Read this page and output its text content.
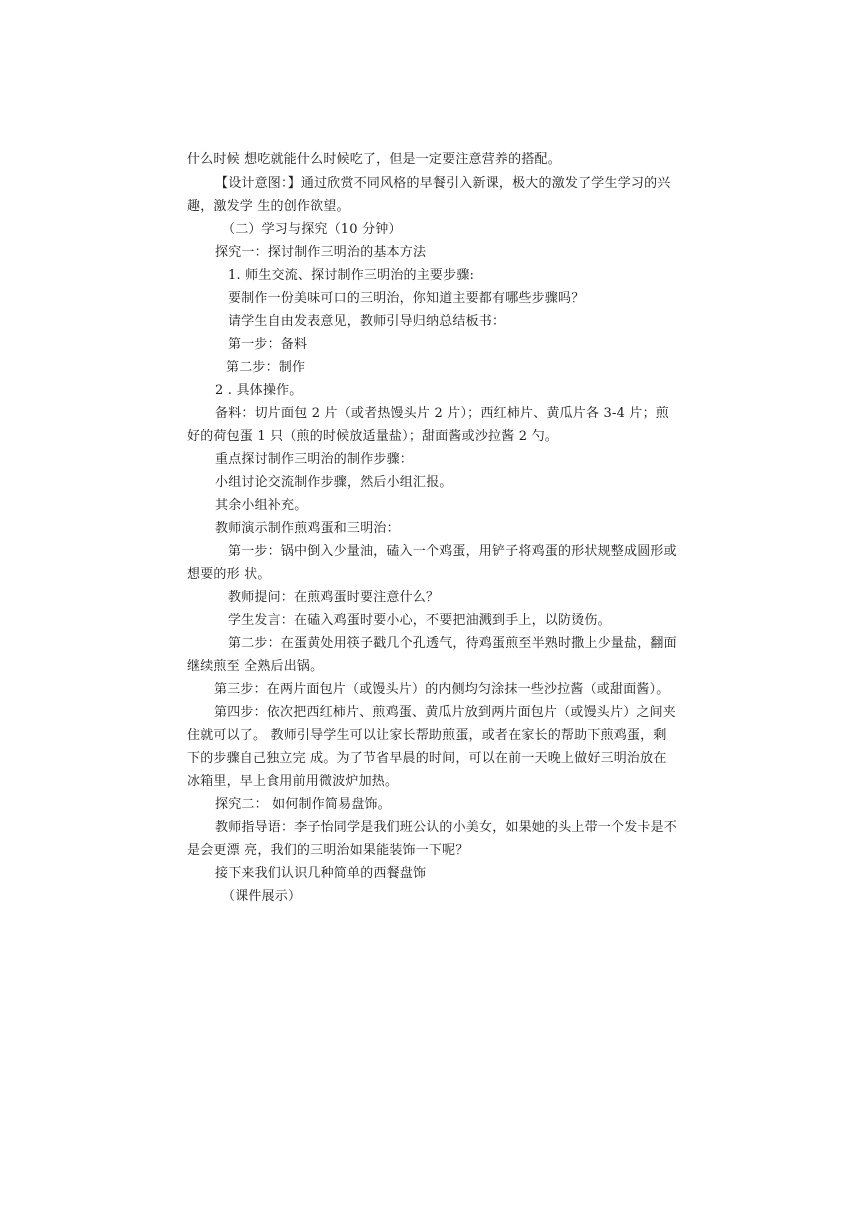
什么时候 想吃就能什么时候吃了，但是一定要注意营养的搭配。
【设计意图：】通过欣赏不同风格的早餐引入新课，极大的激发了学生学习的兴
趣，激发学 生的创作欲望。
（二）学习与探究（10 分钟）
探究一：探讨制作三明治的基本方法
1. 师生交流、探讨制作三明治的主要步骤:
要制作一份美味可口的三明治，你知道主要都有哪些步骤吗？
请学生自由发表意见，教师引导归纳总结板书：
第一步：备料
第二步：制作
2 . 具体操作。
备料：切片面包 2 片（或者热馒头片 2 片）；西红柿片、黄瓜片各 3-4 片；煎
好的荷包蛋 1 只（煎的时候放适量盐）；甜面酱或沙拉酱 2 勺。
重点探讨制作三明治的制作步骤：
小组讨论交流制作步骤，然后小组汇报。
其余小组补充。
教师演示制作煎鸡蛋和三明治：
第一步：锅中倒入少量油，磕入一个鸡蛋，用铲子将鸡蛋的形状规整成圆形或
想要的形 状。
教师提问：在煎鸡蛋时要注意什么？
学生发言：在磕入鸡蛋时要小心，不要把油溅到手上，以防烫伤。
第二步：在蛋黄处用筷子戳几个孔透气，待鸡蛋煎至半熟时撒上少量盐，翻面
继续煎至 全熟后出锅。
第三步：在两片面包片（或馒头片）的内侧均匀涂抹一些沙拉酱（或甜面酱）。
第四步：依次把西红柿片、煎鸡蛋、黄瓜片放到两片面包片（或馒头片）之间夹
住就可以了。 教师引导学生可以让家长帮助煎蛋，或者在家长的帮助下煎鸡蛋，剩
下的步骤自己独立完 成。为了节省早晨的时间，可以在前一天晚上做好三明治放在
冰箱里，早上食用前用微波炉加热。
探究二： 如何制作简易盘饰。
教师指导语：李子怡同学是我们班公认的小美女，如果她的头上带一个发卡是不
是会更漂 亮，我们的三明治如果能装饰一下呢？
接下来我们认识几种简单的西餐盘饰
（课件展示）
